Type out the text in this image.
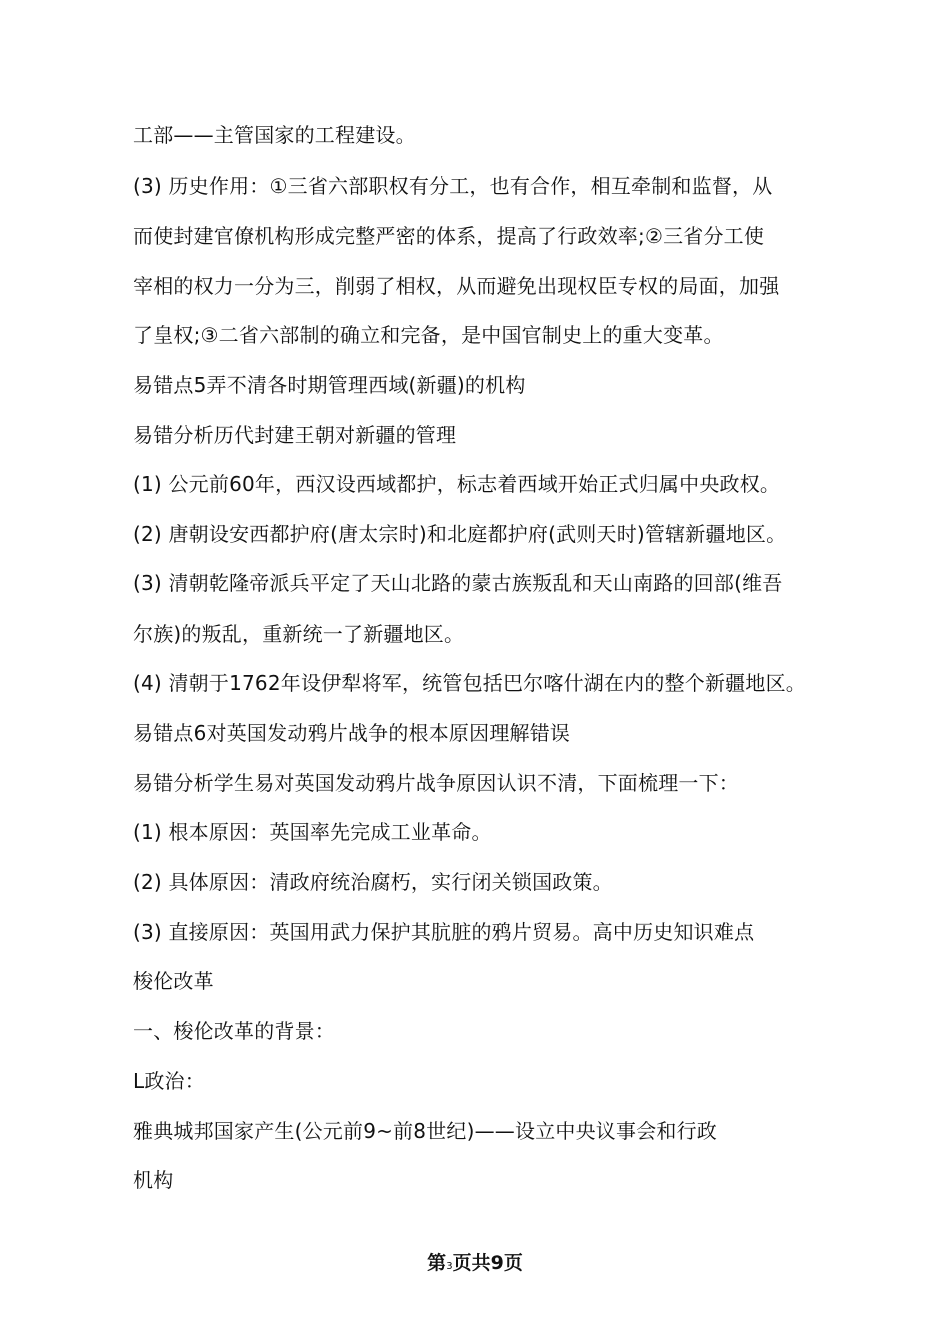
工部——主管国家的工程建设。
(3) 历史作用：①三省六部职权有分工，也有合作，相互牵制和监督，从
而使封建官僚机构形成完整严密的体系，提高了行政效率;②三省分工使
宰相的权力一分为三，削弱了相权，从而避免出现权臣专权的局面，加强
了皇权;③二省六部制的确立和完备，是中国官制史上的重大变革。
易错点5弄不清各时期管理西域(新疆)的机构
易错分析历代封建王朝对新疆的管理
(1) 公元前60年，西汉设西域都护，标志着西域开始正式归属中央政权。
(2) 唐朝设安西都护府(唐太宗时)和北庭都护府(武则天时)管辖新疆地区。
(3) 清朝乾隆帝派兵平定了天山北路的蒙古族叛乱和天山南路的回部(维吾
尔族)的叛乱，重新统一了新疆地区。
(4) 清朝于1762年设伊犁将军，统管包括巴尔喀什湖在内的整个新疆地区。
易错点6对英国发动鸦片战争的根本原因理解错误
易错分析学生易对英国发动鸦片战争原因认识不清，下面梳理一下：
(1) 根本原因：英国率先完成工业革命。
(2) 具体原因：清政府统治腐朽，实行闭关锁国政策。
(3) 直接原因：英国用武力保护其肮脏的鸦片贸易。高中历史知识难点
梭伦改革
一、梭伦改革的背景：
L政治：
雅典城邦国家产生(公元前9~前8世纪)——设立中央议事会和行政
机构
第3页共9页
